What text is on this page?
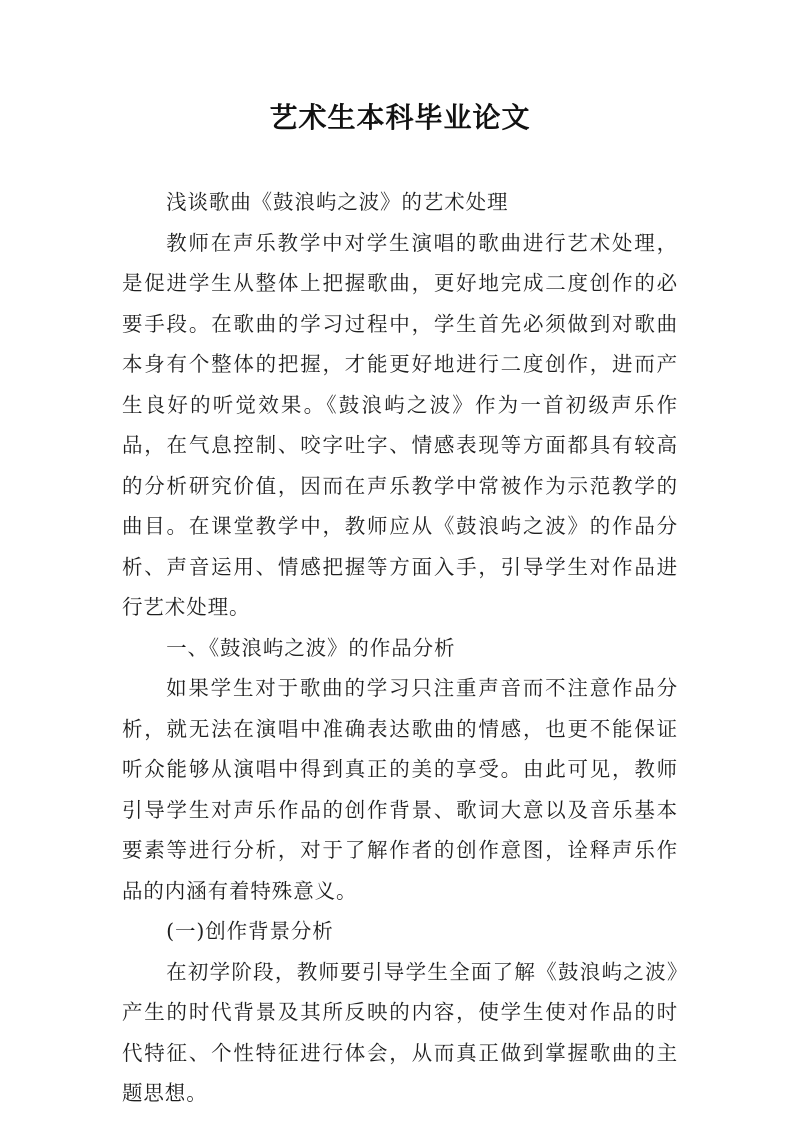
艺术生本科毕业论文

浅谈歌曲《鼓浪屿之波》的艺术处理

教师在声乐教学中对学生演唱的歌曲进行艺术处理，是促进学生从整体上把握歌曲，更好地完成二度创作的必要手段。在歌曲的学习过程中，学生首先必须做到对歌曲本身有个整体的把握，才能更好地进行二度创作，进而产生良好的听觉效果。《鼓浪屿之波》作为一首初级声乐作品，在气息控制、咬字吐字、情感表现等方面都具有较高的分析研究价值，因而在声乐教学中常被作为示范教学的曲目。在课堂教学中，教师应从《鼓浪屿之波》的作品分析、声音运用、情感把握等方面入手，引导学生对作品进行艺术处理。

一、《鼓浪屿之波》的作品分析

如果学生对于歌曲的学习只注重声音而不注意作品分析，就无法在演唱中准确表达歌曲的情感，也更不能保证听众能够从演唱中得到真正的美的享受。由此可见，教师引导学生对声乐作品的创作背景、歌词大意以及音乐基本要素等进行分析，对于了解作者的创作意图，诠释声乐作品的内涵有着特殊意义。

(一)创作背景分析

在初学阶段，教师要引导学生全面了解《鼓浪屿之波》产生的时代背景及其所反映的内容，使学生使对作品的时代特征、个性特征进行体会，从而真正做到掌握歌曲的主题思想。
